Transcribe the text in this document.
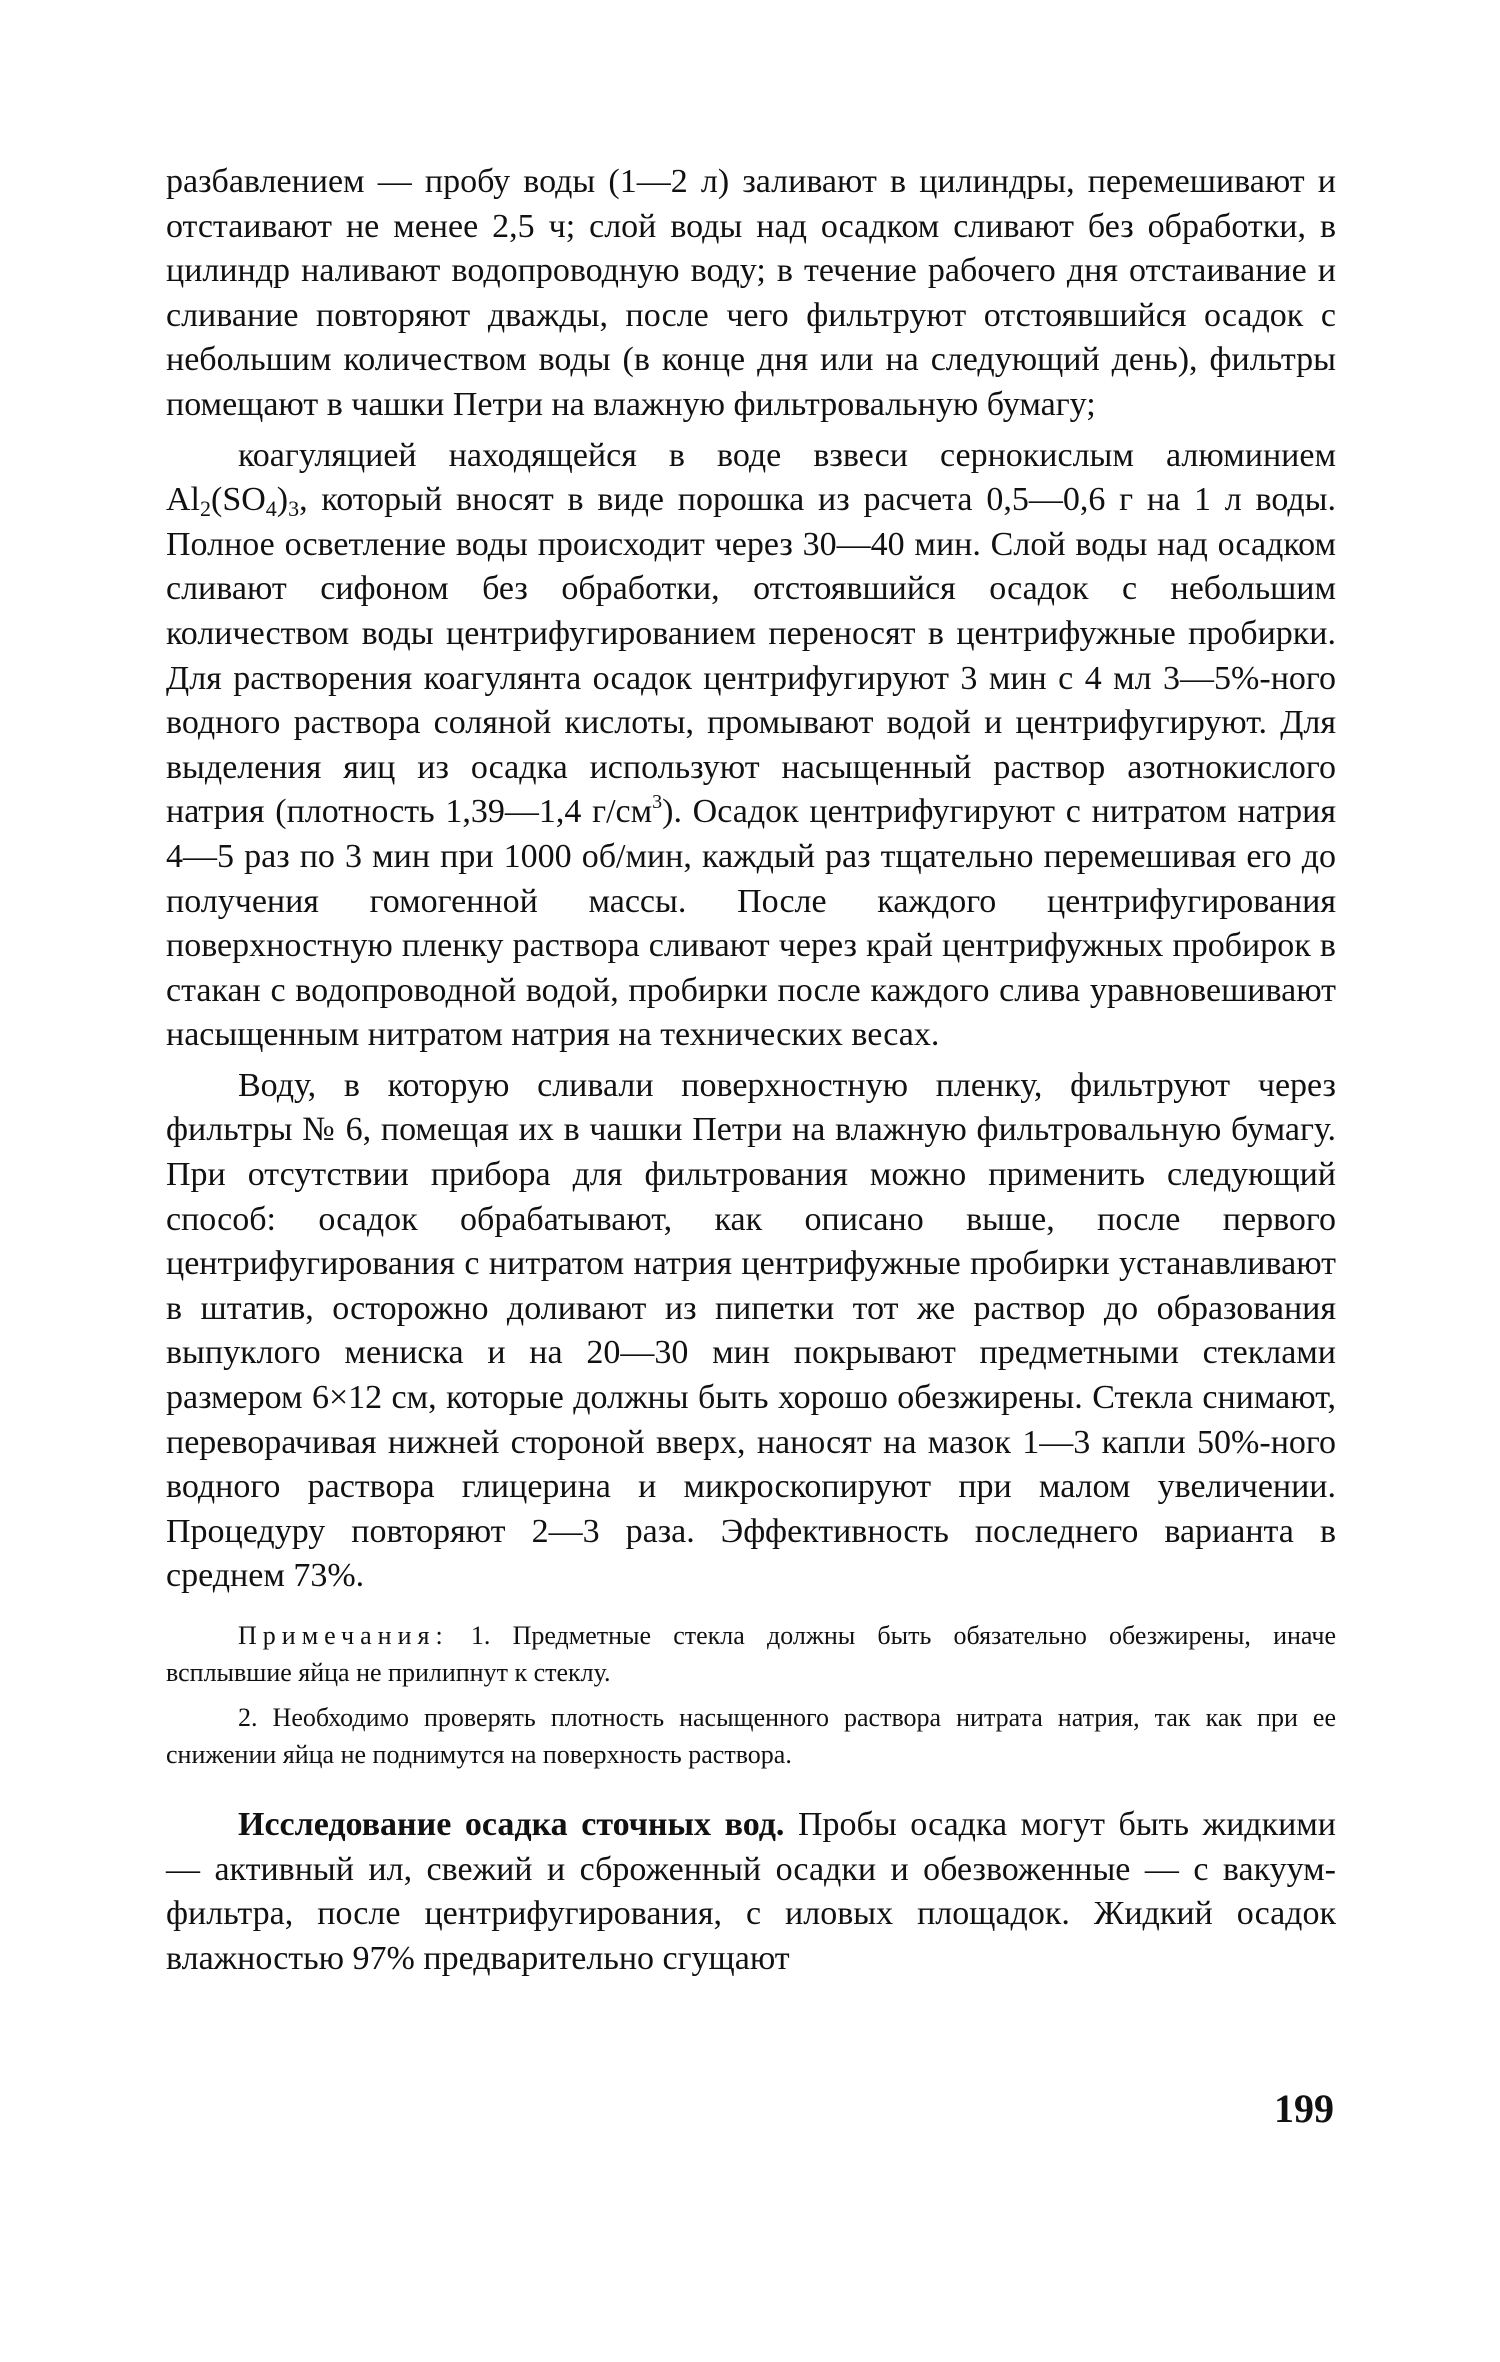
разбавлением — пробу воды (1—2 л) заливают в цилиндры, перемешивают и отстаивают не менее 2,5 ч; слой воды над осадком сливают без обработки, в цилиндр наливают водопроводную воду; в течение рабочего дня отстаивание и сливание повторяют дважды, после чего фильтруют отстоявшийся осадок с небольшим количеством воды (в конце дня или на следующий день), фильтры помещают в чашки Петри на влажную фильтровальную бумагу;

коагуляцией находящейся в воде взвеси сернокислым алюминием $Al_2(SO_4)_3$, который вносят в виде порошка из расчета 0,5—0,6 г на 1 л воды. Полное осветление воды происходит через 30—40 мин. Слой воды над осадком сливают сифоном без обработки, отстоявшийся осадок с небольшим количеством воды центрифугированием переносят в центрифужные пробирки. Для растворения коагулянта осадок центрифугируют 3 мин с 4 мл 3—5%-ного водного раствора соляной кислоты, промывают водой и центрифугируют. Для выделения яиц из осадка используют насыщенный раствор азотнокислого натрия (плотность 1,39—1,4 $г/см^3$). Осадок центрифугируют с нитратом натрия 4—5 раз по 3 мин при 1000 об/мин, каждый раз тщательно перемешивая его до получения гомогенной массы. После каждого центрифугирования поверхностную пленку раствора сливают через край центрифужных пробирок в стакан с водопроводной водой, пробирки после каждого слива уравновешивают насыщенным нитратом натрия на технических весах.

Воду, в которую сливали поверхностную пленку, фильтруют через фильтры № 6, помещая их в чашки Петри на влажную фильтровальную бумагу. При отсутствии прибора для фильтрования можно применить следующий способ: осадок обрабатывают, как описано выше, после первого центрифугирования с нитратом натрия центрифужные пробирки устанавливают в штатив, осторожно доливают из пипетки тот же раствор до образования выпуклого мениска и на 20—30 мин покрывают предметными стеклами размером 6×12 см, которые должны быть хорошо обезжирены. Стекла снимают, переворачивая нижней стороной вверх, наносят на мазок 1—3 капли 50%-ного водного раствора глицерина и микроскопируют при малом увеличении. Процедуру повторяют 2—3 раза. Эффективность последнего варианта в среднем 73%.

Примечания: 1. Предметные стекла должны быть обязательно обезжирены, иначе всплывшие яйца не прилипнут к стеклу.

2. Необходимо проверять плотность насыщенного раствора нитрата натрия, так как при ее снижении яйца не поднимутся на поверхность раствора.

Исследование осадка сточных вод. Пробы осадка могут быть жидкими — активный ил, свежий и сброженный осадки и обезвоженные — с вакуум-фильтра, после центрифугирования, с иловых площадок. Жидкий осадок влажностью 97% предварительно сгущают

199
